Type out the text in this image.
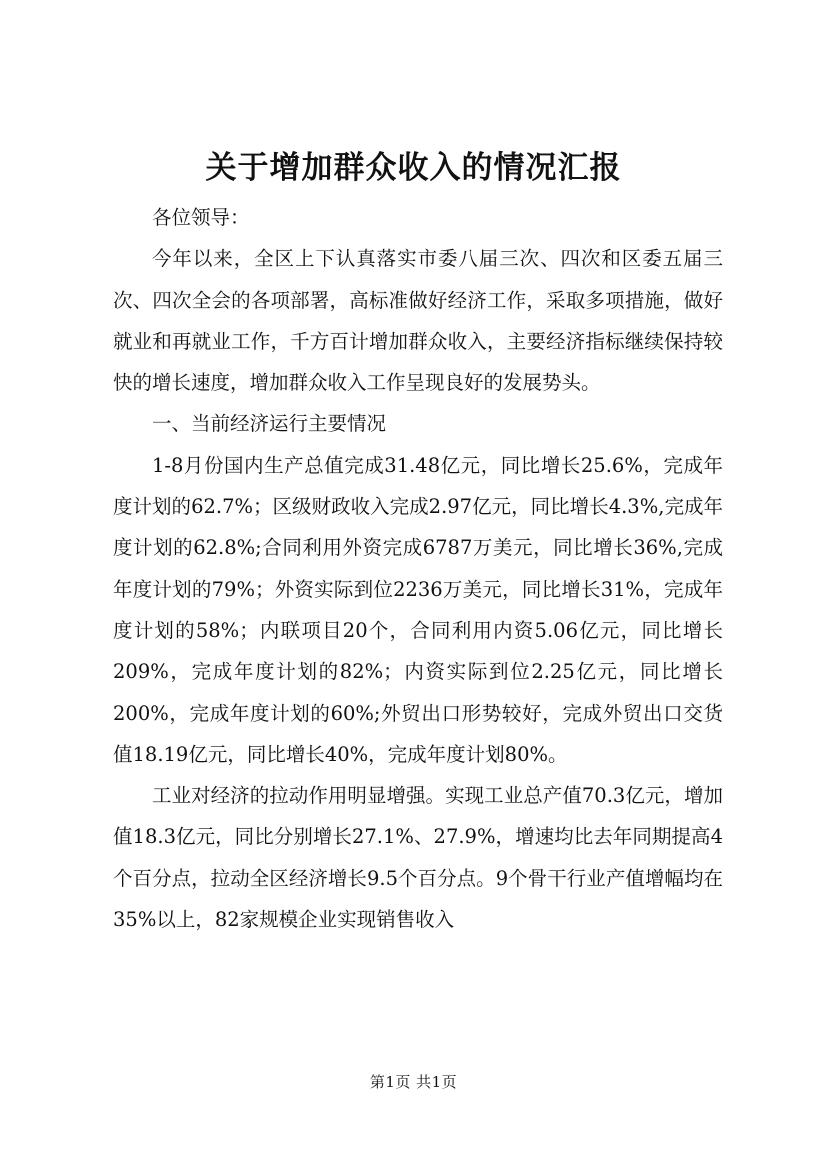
关于增加群众收入的情况汇报

各位领导：

今年以来，全区上下认真落实市委八届三次、四次和区委五届三次、四次全会的各项部署，高标准做好经济工作，采取多项措施，做好就业和再就业工作，千方百计增加群众收入，主要经济指标继续保持较快的增长速度，增加群众收入工作呈现良好的发展势头。

一、当前经济运行主要情况

1-8月份国内生产总值完成31.48亿元，同比增长25.6%，完成年度计划的62.7%；区级财政收入完成2.97亿元，同比增长4.3%,完成年度计划的62.8%;合同利用外资完成6787万美元，同比增长36%,完成年度计划的79%；外资实际到位2236万美元，同比增长31%，完成年度计划的58%；内联项目20个，合同利用内资5.06亿元，同比增长209%，完成年度计划的82%；内资实际到位2.25亿元，同比增长200%，完成年度计划的60%;外贸出口形势较好，完成外贸出口交货值18.19亿元，同比增长40%，完成年度计划80%。

工业对经济的拉动作用明显增强。实现工业总产值70.3亿元，增加值18.3亿元，同比分别增长27.1%、27.9%，增速均比去年同期提高4个百分点，拉动全区经济增长9.5个百分点。9个骨干行业产值增幅均在35%以上，82家规模企业实现销售收入

第1页 共1页
